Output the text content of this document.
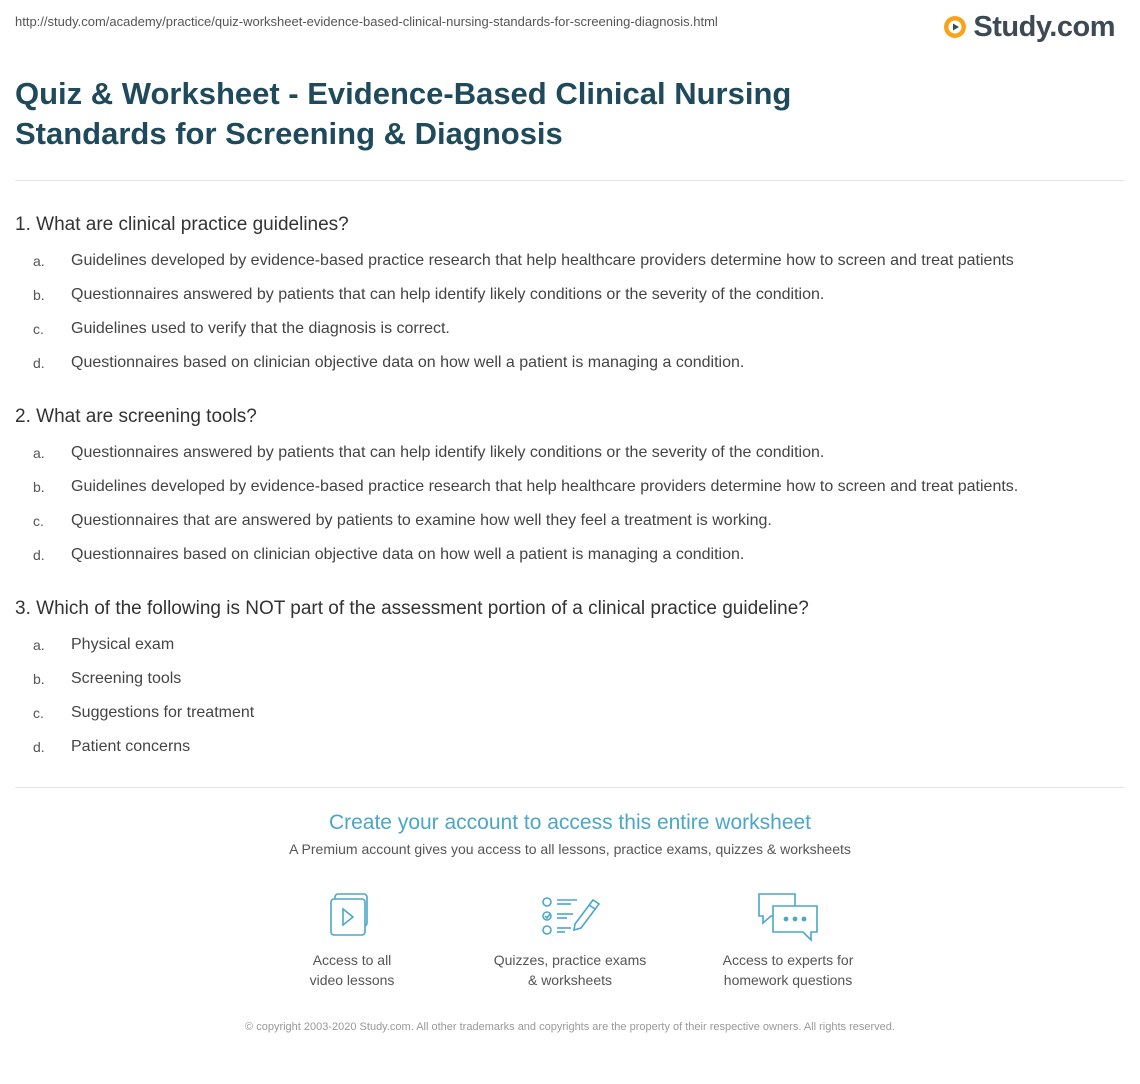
http://study.com/academy/practice/quiz-worksheet-evidence-based-clinical-nursing-standards-for-screening-diagnosis.html	Study.com
Quiz & Worksheet - Evidence-Based Clinical Nursing Standards for Screening & Diagnosis

1. What are clinical practice guidelines?

a.	Guidelines developed by evidence-based practice research that help healthcare providers determine how to screen and treat patients
b.	Questionnaires answered by patients that can help identify likely conditions or the severity of the condition.
c.	Guidelines used to verify that the diagnosis is correct.
d.	Questionnaires based on clinician objective data on how well a patient is managing a condition.

2. What are screening tools?

a.	Questionnaires answered by patients that can help identify likely conditions or the severity of the condition.
b.	Guidelines developed by evidence-based practice research that help healthcare providers determine how to screen and treat patients.
c.	Questionnaires that are answered by patients to examine how well they feel a treatment is working.
d.	Questionnaires based on clinician objective data on how well a patient is managing a condition.

3. Which of the following is NOT part of the assessment portion of a clinical practice guideline?

a.	Physical exam
b.	Screening tools
c.	Suggestions for treatment
d.	Patient concerns

Create your account to access this entire worksheet

A Premium account gives you access to all lessons, practice exams, quizzes & worksheets

Access to all
video lessons
Quizzes, practice exams
& worksheets
Access to experts for
homework questions
© copyright 2003-2020 Study.com. All other trademarks and copyrights are the property of their respective owners. All rights reserved.
